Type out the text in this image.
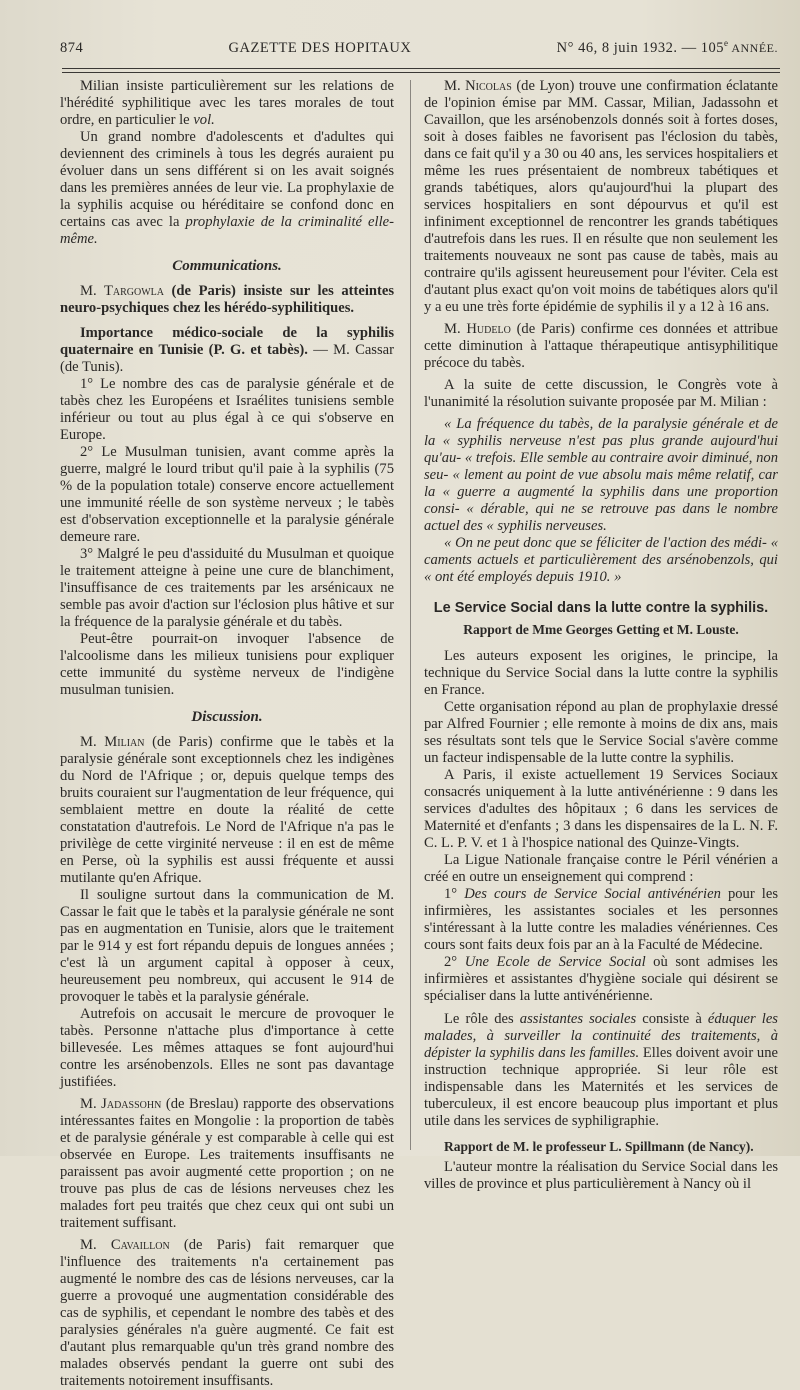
874	GAZETTE DES HOPITAUX	N° 46, 8 juin 1932. — 105e ANNÉE.

Milian insiste particulièrement sur les relations de l'hérédité syphilitique avec les tares morales de tout ordre, en particulier le vol.

Un grand nombre d'adolescents et d'adultes qui deviennent des criminels à tous les degrés auraient pu évoluer dans un sens différent si on les avait soignés dans les premières années de leur vie. La prophylaxie de la syphilis acquise ou héréditaire se confond donc en certains cas avec la prophylaxie de la criminalité elle-même.

Communications.

M. Targowla (de Paris) insiste sur les atteintes neuro-psychiques chez les hérédo-syphilitiques.

Importance médico-sociale de la syphilis quaternaire en Tunisie (P. G. et tabès). — M. Cassar (de Tunis).

1° Le nombre des cas de paralysie générale et de tabès chez les Européens et Israélites tunisiens semble inférieur ou tout au plus égal à ce qui s'observe en Europe.

2° Le Musulman tunisien, avant comme après la guerre, malgré le lourd tribut qu'il paie à la syphilis (75 % de la population totale) conserve encore actuellement une immunité réelle de son système nerveux ; le tabès est d'observation exceptionnelle et la paralysie générale demeure rare.

3° Malgré le peu d'assiduité du Musulman et quoique le traitement atteigne à peine une cure de blanchiment, l'insuffisance de ces traitements par les arsénicaux ne semble pas avoir d'action sur l'éclosion plus hâtive et sur la fréquence de la paralysie générale et du tabès.

Peut-être pourrait-on invoquer l'absence de l'alcoolisme dans les milieux tunisiens pour expliquer cette immunité du système nerveux de l'indigène musulman tunisien.

Discussion.

M. Milian (de Paris) confirme que le tabès et la paralysie générale sont exceptionnels chez les indigènes du Nord de l'Afrique ; or, depuis quelque temps des bruits couraient sur l'augmentation de leur fréquence, qui semblaient mettre en doute la réalité de cette constatation d'autrefois. Le Nord de l'Afrique n'a pas le privilège de cette virginité nerveuse : il en est de même en Perse, où la syphilis est aussi fréquente et aussi mutilante qu'en Afrique.

Il souligne surtout dans la communication de M. Cassar le fait que le tabès et la paralysie générale ne sont pas en augmentation en Tunisie, alors que le traitement par le 914 y est fort répandu depuis de longues années ; c'est là un argument capital à opposer à ceux, heureusement peu nombreux, qui accusent le 914 de provoquer le tabès et la paralysie générale.

Autrefois on accusait le mercure de provoquer le tabès. Personne n'attache plus d'importance à cette billevesée. Les mêmes attaques se font aujourd'hui contre les arsénobenzols. Elles ne sont pas davantage justifiées.

M. Jadassohn (de Breslau) rapporte des observations intéressantes faites en Mongolie : la proportion de tabès et de paralysie générale y est comparable à celle qui est observée en Europe. Les traitements insuffisants ne paraissent pas avoir augmenté cette proportion ; on ne trouve pas plus de cas de lésions nerveuses chez les malades fort peu traités que chez ceux qui ont subi un traitement suffisant.

M. Cavaillon (de Paris) fait remarquer que l'influence des traitements n'a certainement pas augmenté le nombre des cas de lésions nerveuses, car la guerre a provoqué une augmentation considérable des cas de syphilis, et cependant le nombre des tabès et des paralysies générales n'a guère augmenté. Ce fait est d'autant plus remarquable qu'un très grand nombre des malades observés pendant la guerre ont subi des traitements notoirement insuffisants.

M. Nicolas (de Lyon) trouve une confirmation éclatante de l'opinion émise par MM. Cassar, Milian, Jadassohn et Cavaillon, que les arsénobenzols donnés soit à fortes doses, soit à doses faibles ne favorisent pas l'éclosion du tabès, dans ce fait qu'il y a 30 ou 40 ans, les services hospitaliers et même les rues présentaient de nombreux tabétiques et grands tabétiques, alors qu'aujourd'hui la plupart des services hospitaliers en sont dépourvus et qu'il est infiniment exceptionnel de rencontrer les grands tabétiques d'autrefois dans les rues. Il en résulte que non seulement les traitements nouveaux ne sont pas cause de tabès, mais au contraire qu'ils agissent heureusement pour l'éviter. Cela est d'autant plus exact qu'on voit moins de tabétiques alors qu'il y a eu une très forte épidémie de syphilis il y a 12 à 16 ans.

M. Hudelo (de Paris) confirme ces données et attribue cette diminution à l'attaque thérapeutique antisyphilitique précoce du tabès.

A la suite de cette discussion, le Congrès vote à l'unanimité la résolution suivante proposée par M. Milian :

« La fréquence du tabès, de la paralysie générale et de la « syphilis nerveuse n'est pas plus grande aujourd'hui qu'au- « trefois. Elle semble au contraire avoir diminué, non seu- « lement au point de vue absolu mais même relatif, car la « guerre a augmenté la syphilis dans une proportion consi- « dérable, qui ne se retrouve pas dans le nombre actuel des « syphilis nerveuses.

« On ne peut donc que se féliciter de l'action des médi- « caments actuels et particulièrement des arsénobenzols, qui « ont été employés depuis 1910. »

Le Service Social dans la lutte contre la syphilis.

Rapport de Mme Georges Getting et M. Louste.

Les auteurs exposent les origines, le principe, la technique du Service Social dans la lutte contre la syphilis en France.

Cette organisation répond au plan de prophylaxie dressé par Alfred Fournier ; elle remonte à moins de dix ans, mais ses résultats sont tels que le Service Social s'avère comme un facteur indispensable de la lutte contre la syphilis.

A Paris, il existe actuellement 19 Services Sociaux consacrés uniquement à la lutte antivénérienne : 9 dans les services d'adultes des hôpitaux ; 6 dans les services de Maternité et d'enfants ; 3 dans les dispensaires de la L. N. F. C. L. P. V. et 1 à l'hospice national des Quinze-Vingts.

La Ligue Nationale française contre le Péril vénérien a créé en outre un enseignement qui comprend :

1° Des cours de Service Social antivénérien pour les infirmières, les assistantes sociales et les personnes s'intéressant à la lutte contre les maladies vénériennes. Ces cours sont faits deux fois par an à la Faculté de Médecine.

2° Une Ecole de Service Social où sont admises les infirmières et assistantes d'hygiène sociale qui désirent se spécialiser dans la lutte antivénérienne.

Le rôle des assistantes sociales consiste à éduquer les malades, à surveiller la continuité des traitements, à dépister la syphilis dans les familles. Elles doivent avoir une instruction technique appropriée. Si leur rôle est indispensable dans les Maternités et les services de tuberculeux, il est encore beaucoup plus important et plus utile dans les services de syphiligraphie.

Rapport de M. le professeur L. Spillmann (de Nancy).

L'auteur montre la réalisation du Service Social dans les villes de province et plus particulièrement à Nancy où il
